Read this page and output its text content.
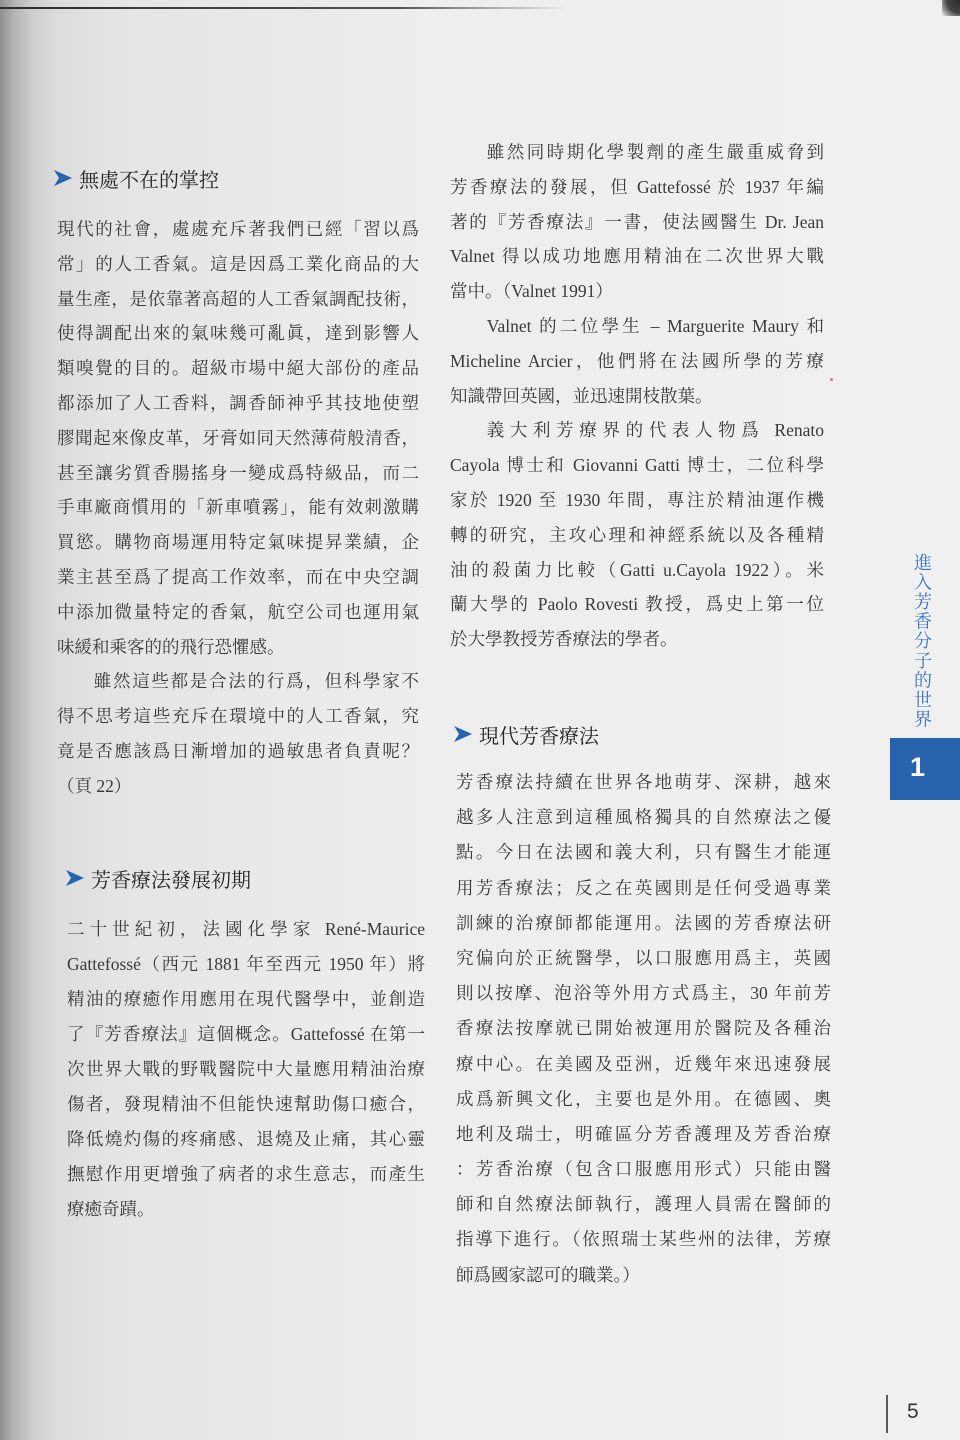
無處不在的掌控
現代的社會，處處充斥著我們已經「習以爲
常」的人工香氣。這是因爲工業化商品的大
量生產，是依靠著高超的人工香氣調配技術，
使得調配出來的氣味幾可亂眞，達到影響人
類嗅覺的目的。超級市場中絕大部份的產品
都添加了人工香料，調香師神乎其技地使塑
膠聞起來像皮革，牙膏如同天然薄荷般清香，
甚至讓劣質香腸搖身一變成爲特級品，而二
手車廠商慣用的「新車噴霧」，能有效刺激購
買慾。購物商場運用特定氣味提昇業績，企
業主甚至爲了提高工作效率，而在中央空調
中添加微量特定的香氣，航空公司也運用氣
味緩和乘客的的飛行恐懼感。
雖然這些都是合法的行爲，但科學家不
得不思考這些充斥在環境中的人工香氣，究
竟是否應該爲日漸增加的過敏患者負責呢？
（頁 22）
芳香療法發展初期
二十世紀初，法國化學家 René-Maurice
Gattefossé（西元 1881 年至西元 1950 年）將
精油的療癒作用應用在現代醫學中，並創造
了『芳香療法』這個概念。Gattefossé 在第一
次世界大戰的野戰醫院中大量應用精油治療
傷者，發現精油不但能快速幫助傷口癒合，
降低燒灼傷的疼痛感、退燒及止痛，其心靈
撫慰作用更增強了病者的求生意志，而產生
療癒奇蹟。
雖然同時期化學製劑的產生嚴重威脅到
芳香療法的發展，但 Gattefossé 於 1937 年編
著的『芳香療法』一書，使法國醫生 Dr. Jean
Valnet 得以成功地應用精油在二次世界大戰
當中。（Valnet 1991）
Valnet 的二位學生 – Marguerite Maury 和
Micheline Arcier，他們將在法國所學的芳療
知識帶回英國，並迅速開枝散葉。
義大利芳療界的代表人物爲 Renato
Cayola 博士和 Giovanni Gatti 博士，二位科學
家於 1920 至 1930 年間，專注於精油運作機
轉的研究，主攻心理和神經系統以及各種精
油的殺菌力比較（Gatti u.Cayola 1922）。米
蘭大學的 Paolo Rovesti 教授，爲史上第一位
於大學教授芳香療法的學者。
現代芳香療法
芳香療法持續在世界各地萌芽、深耕，越來
越多人注意到這種風格獨具的自然療法之優
點。今日在法國和義大利，只有醫生才能運
用芳香療法；反之在英國則是任何受過專業
訓練的治療師都能運用。法國的芳香療法研
究偏向於正統醫學，以口服應用爲主，英國
則以按摩、泡浴等外用方式爲主，30 年前芳
香療法按摩就已開始被運用於醫院及各種治
療中心。在美國及亞洲，近幾年來迅速發展
成爲新興文化，主要也是外用。在德國、奧
地利及瑞士，明確區分芳香護理及芳香治療
：芳香治療（包含口服應用形式）只能由醫
師和自然療法師執行，護理人員需在醫師的
指導下進行。（依照瑞士某些州的法律，芳療
師爲國家認可的職業。）
進入芳香分子的世界
1
5
